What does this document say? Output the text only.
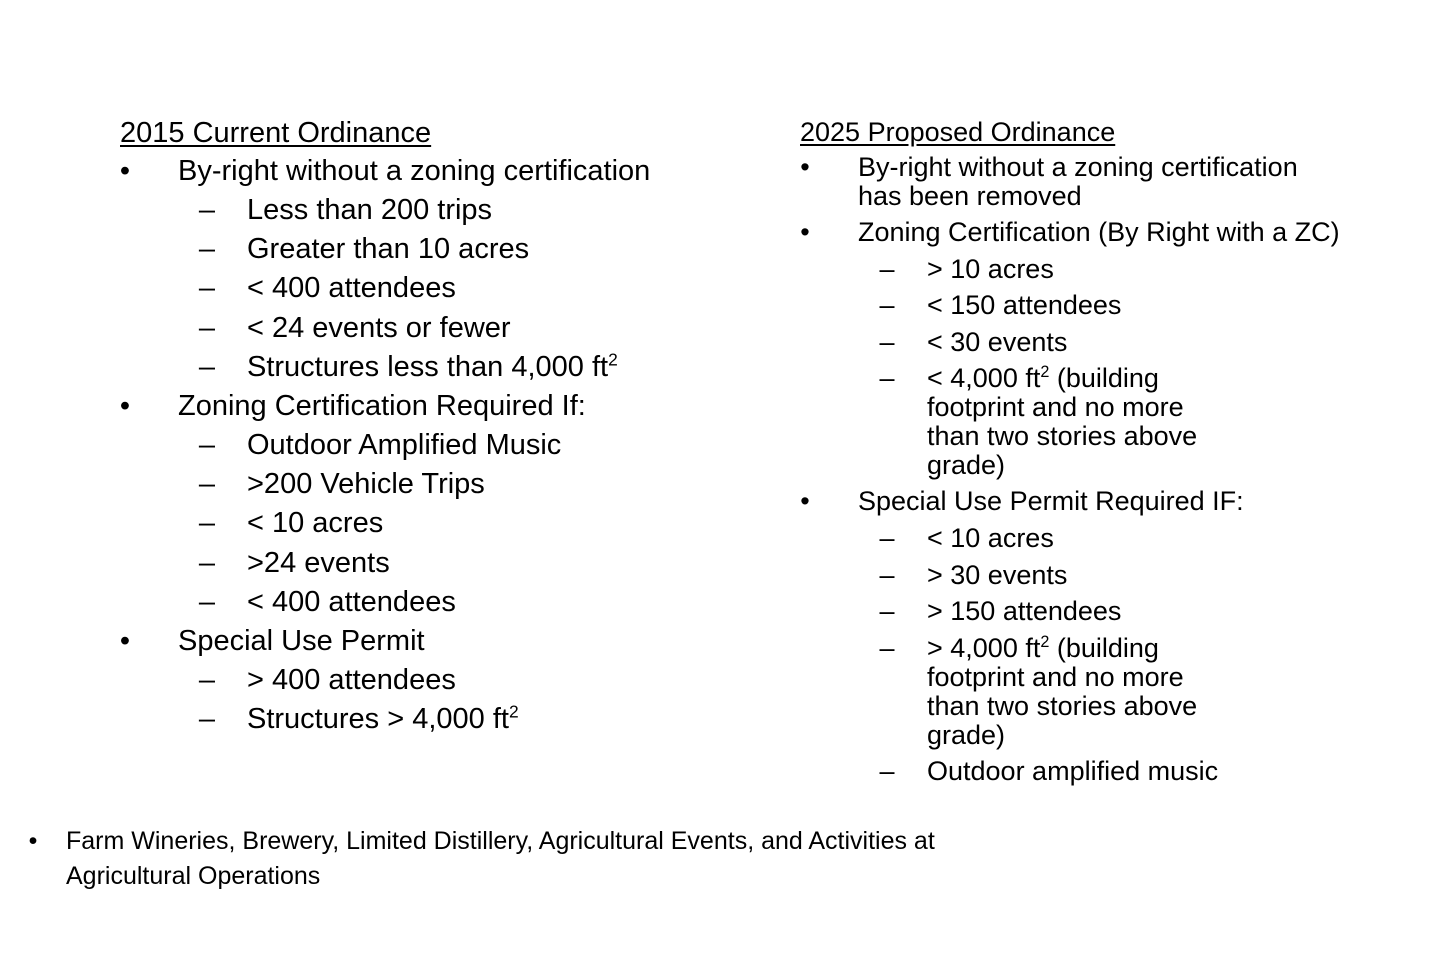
2015 Current Ordinance
• By-right without a zoning certification
– Less than 200 trips
– Greater than 10 acres
– < 400 attendees
– < 24 events or fewer
– Structures less than 4,000 $ft^2$
• Zoning Certification Required If:
– Outdoor Amplified Music
– >200 Vehicle Trips
– < 10 acres
– >24 events
– < 400 attendees
• Special Use Permit
– > 400 attendees
– Structures > 4,000 $ft^2$
2025 Proposed Ordinance
• By-right without a zoning certification has been removed
• Zoning Certification (By Right with a ZC)
– > 10 acres
– < 150 attendees
– < 30 events
– < 4,000 $ft^2$ (building footprint and no more than two stories above grade)
• Special Use Permit Required IF:
– < 10 acres
– > 30 events
– > 150 attendees
– > 4,000 $ft^2$ (building footprint and no more than two stories above grade)
– Outdoor amplified music
•	Farm Wineries, Brewery, Limited Distillery, Agricultural Events, and Activities at Agricultural Operations
